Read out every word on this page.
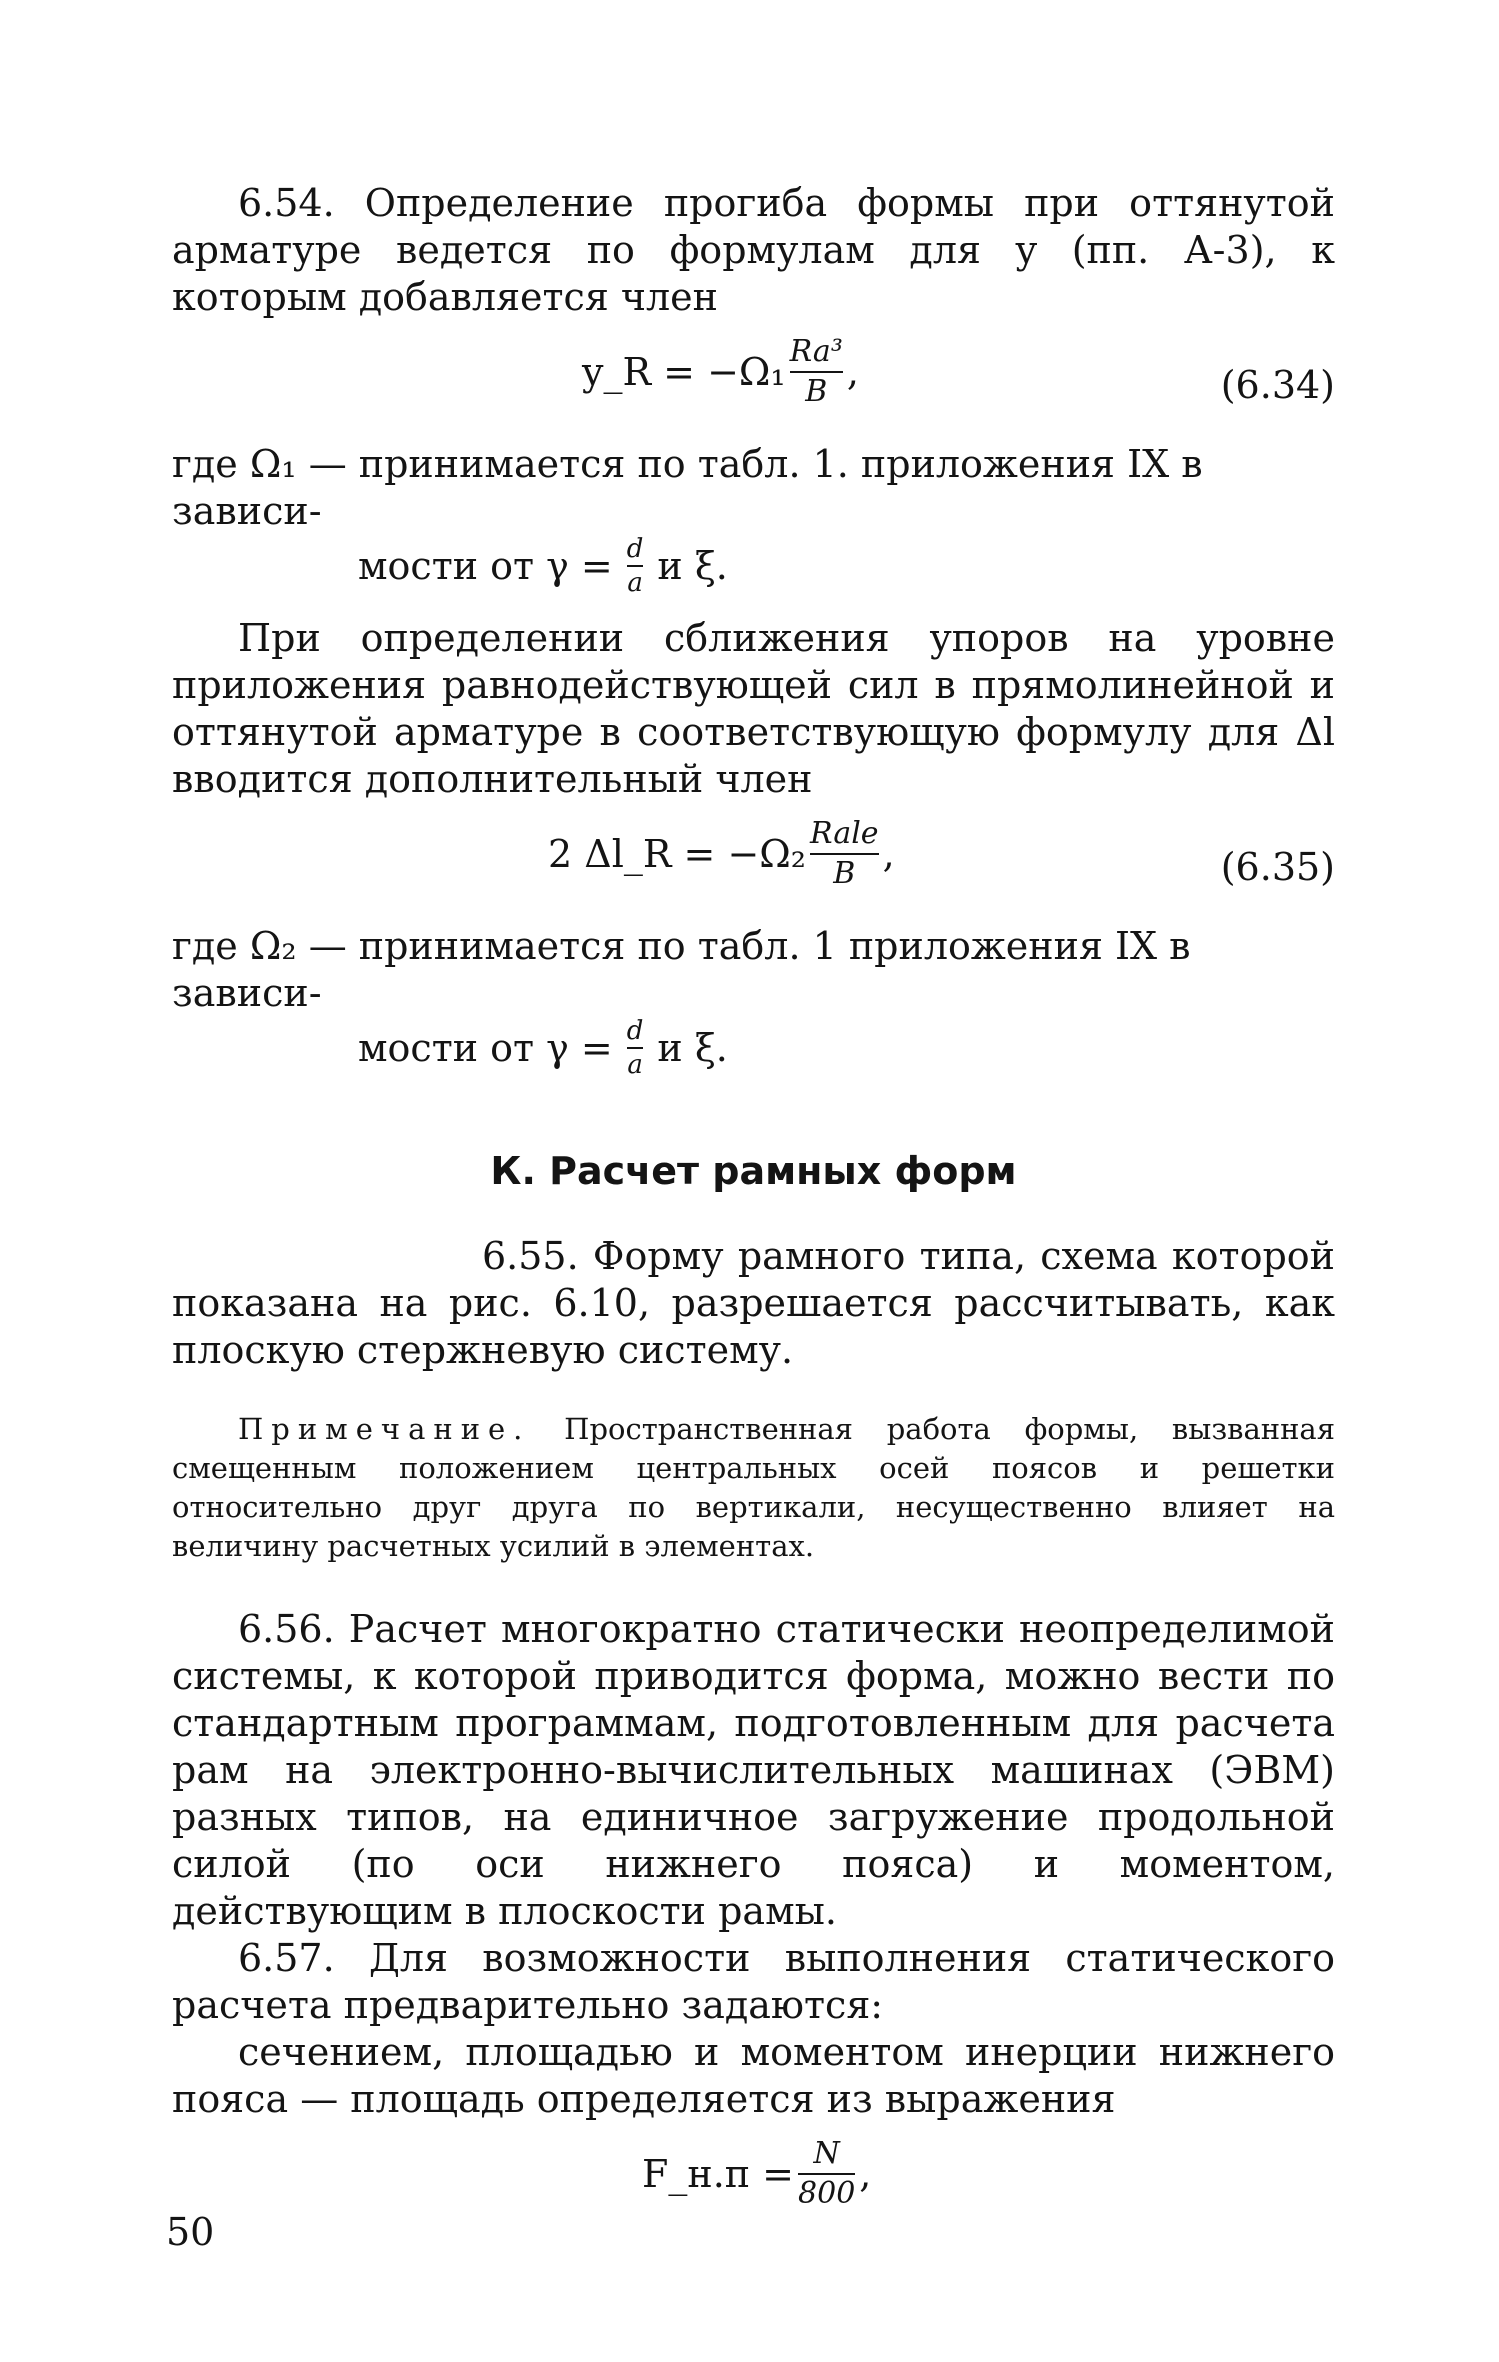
6.54. Определение прогиба формы при оттянутой арматуре ведется по формулам для y (пп. А-3), к которым добавляется член

y_R = $-\Omega_1 \frac{\text{Ra³}}{B}$ ,	(6.34)

где Ω₁ — принимается по табл. 1. приложения IX в зависи-

мости от $\gamma = \frac{d}{a}$ и ξ.

При определении сближения упоров на уровне приложения равнодействующей сил в прямолинейной и оттянутой арматуре в соответствующую формулу для Δl вводится дополнительный член

2 Δl_R = $-\Omega_2 \frac{\text{Rale}}{B}$ ,	(6.35)

где Ω₂ — принимается по табл. 1 приложения IX в зависи-

мости от $\gamma = \frac{d}{a}$ и ξ.
К. Расчет рамных форм

6.55. Форму рамного типа, схема которой показана на рис. 6.10, разрешается рассчитывать, как плоскую стержневую систему.

Примечание. Пространственная работа формы, вызванная смещенным положением центральных осей поясов и решетки относительно друг друга по вертикали, несущественно влияет на величину расчетных усилий в элементах.

6.56. Расчет многократно статически неопределимой системы, к которой приводится форма, можно вести по стандартным программам, подготовленным для расчета рам на электронно-вычислительных машинах (ЭВМ) разных типов, на единичное загружение продольной силой (по оси нижнего пояса) и моментом, действующим в плоскости рамы.

6.57. Для возможности выполнения статического расчета предварительно задаются:

сечением, площадью и моментом инерции нижнего пояса — площадь определяется из выражения

F_н.п = $\frac{N}{800}$ ,
50
